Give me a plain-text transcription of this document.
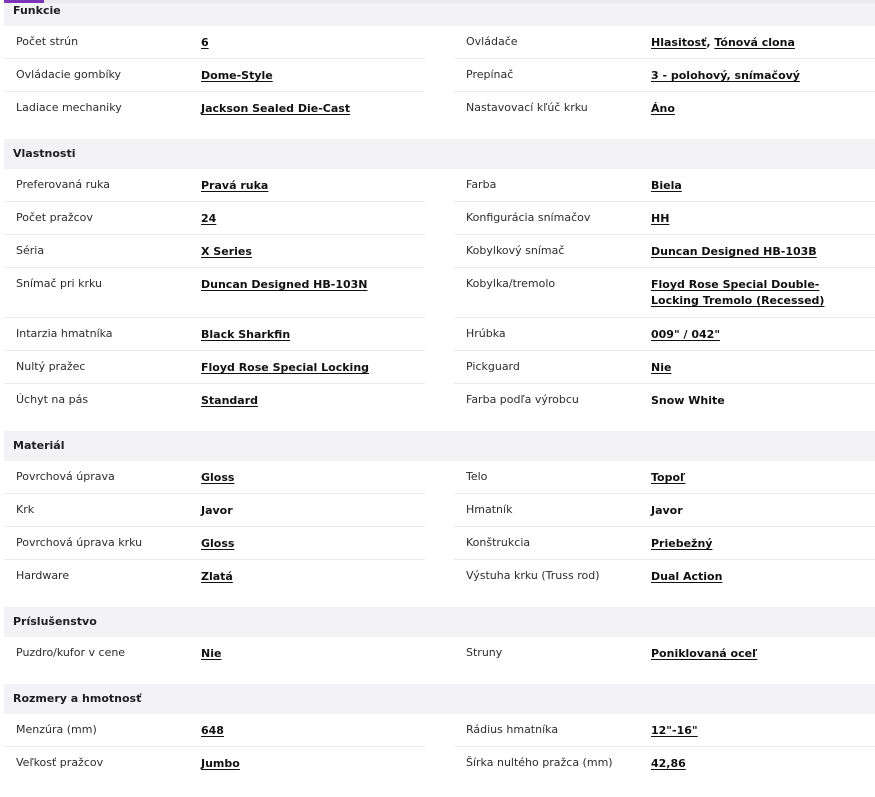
Funkcie
Počet strún	6
Ovládacie gombíky	Dome-Style
Ladiace mechaniky	Jackson Sealed Die-Cast
Ovládače	Hlasitosť, Tónová clona
Prepínač	3 - polohový, snímačový
Nastavovací kľúč krku	Áno
Vlastnosti
Preferovaná ruka	Pravá ruka
Počet pražcov	24
Séria	X Series
Snímač pri krku	Duncan Designed HB-103N
Intarzia hmatníka	Black Sharkfin
Nultý pražec	Floyd Rose Special Locking
Úchyt na pás	Standard
Farba	Biela
Konfigurácia snímačov	HH
Kobylkový snímač	Duncan Designed HB-103B
Kobylka/tremolo	Floyd Rose Special Double-Locking Tremolo (Recessed)
Hrúbka	009" / 042"
Pickguard	Nie
Farba podľa výrobcu	Snow White
Materiál
Povrchová úprava	Gloss
Krk	Javor
Povrchová úprava krku	Gloss
Hardware	Zlatá
Telo	Topoľ
Hmatník	Javor
Konštrukcia	Priebežný
Výstuha krku (Truss rod)	Dual Action
Príslušenstvo
Puzdro/kufor v cene	Nie	Struny	Poniklovaná oceľ
Rozmery a hmotnosť
Menzúra (mm)	648
Veľkosť pražcov	Jumbo
Rádius hmatníka	12"-16"
Šírka nultého pražca (mm)	42,86
